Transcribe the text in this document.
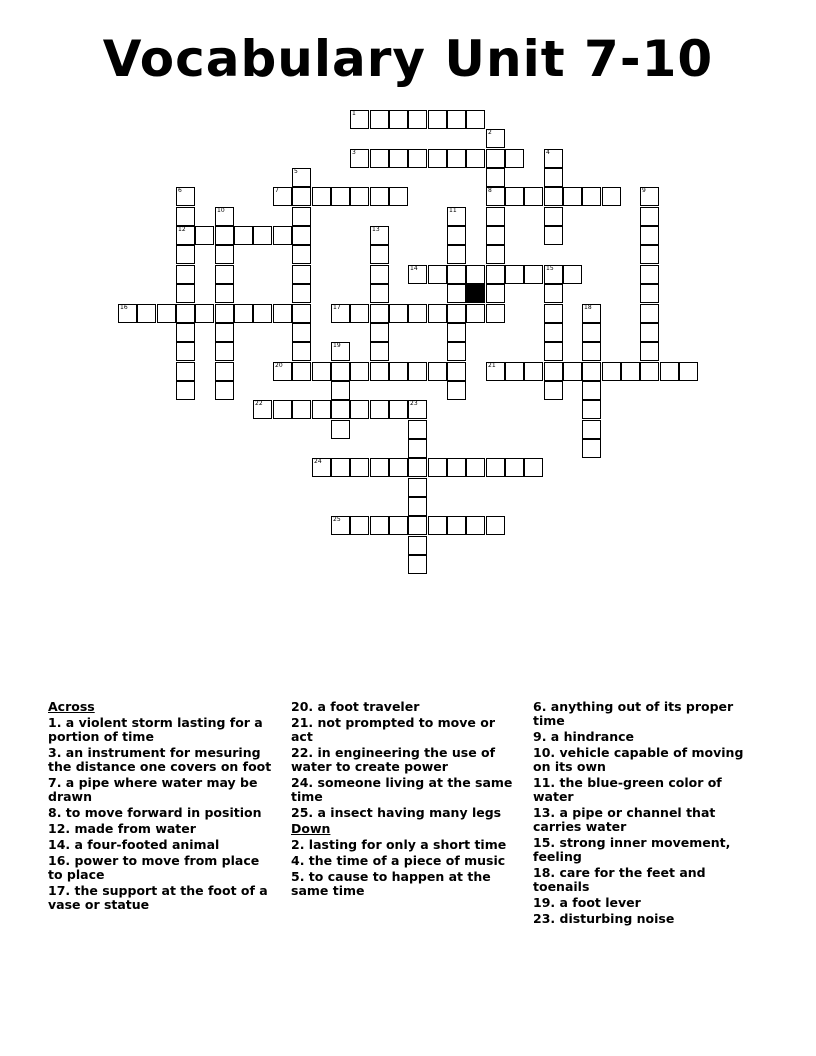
Vocabulary Unit 7-10
1
3
7	8
12
14	15
16	17
20	21
22	23
24
25
2
4
5
6	9
10	11
13
18
19
Across
1. a violent storm lasting for a portion of time
3. an instrument for mesuring the distance one covers on foot
7. a pipe where water may be drawn
8. to move forward in position
12. made from water
14. a four-footed animal
16. power to move from place to place
17. the support at the foot of a vase or statue
20. a foot traveler
21. not prompted to move or act
22. in engineering the use of water to create power
24. someone living at the same time
25. a insect having many legs
Down
2. lasting for only a short time
4. the time of a piece of music
5. to cause to happen at the same time
6. anything out of its proper time
9. a hindrance
10. vehicle capable of moving on its own
11. the blue-green color of water
13. a pipe or channel that carries water
15. strong inner movement, feeling
18. care for the feet and toenails
19. a foot lever
23. disturbing noise
